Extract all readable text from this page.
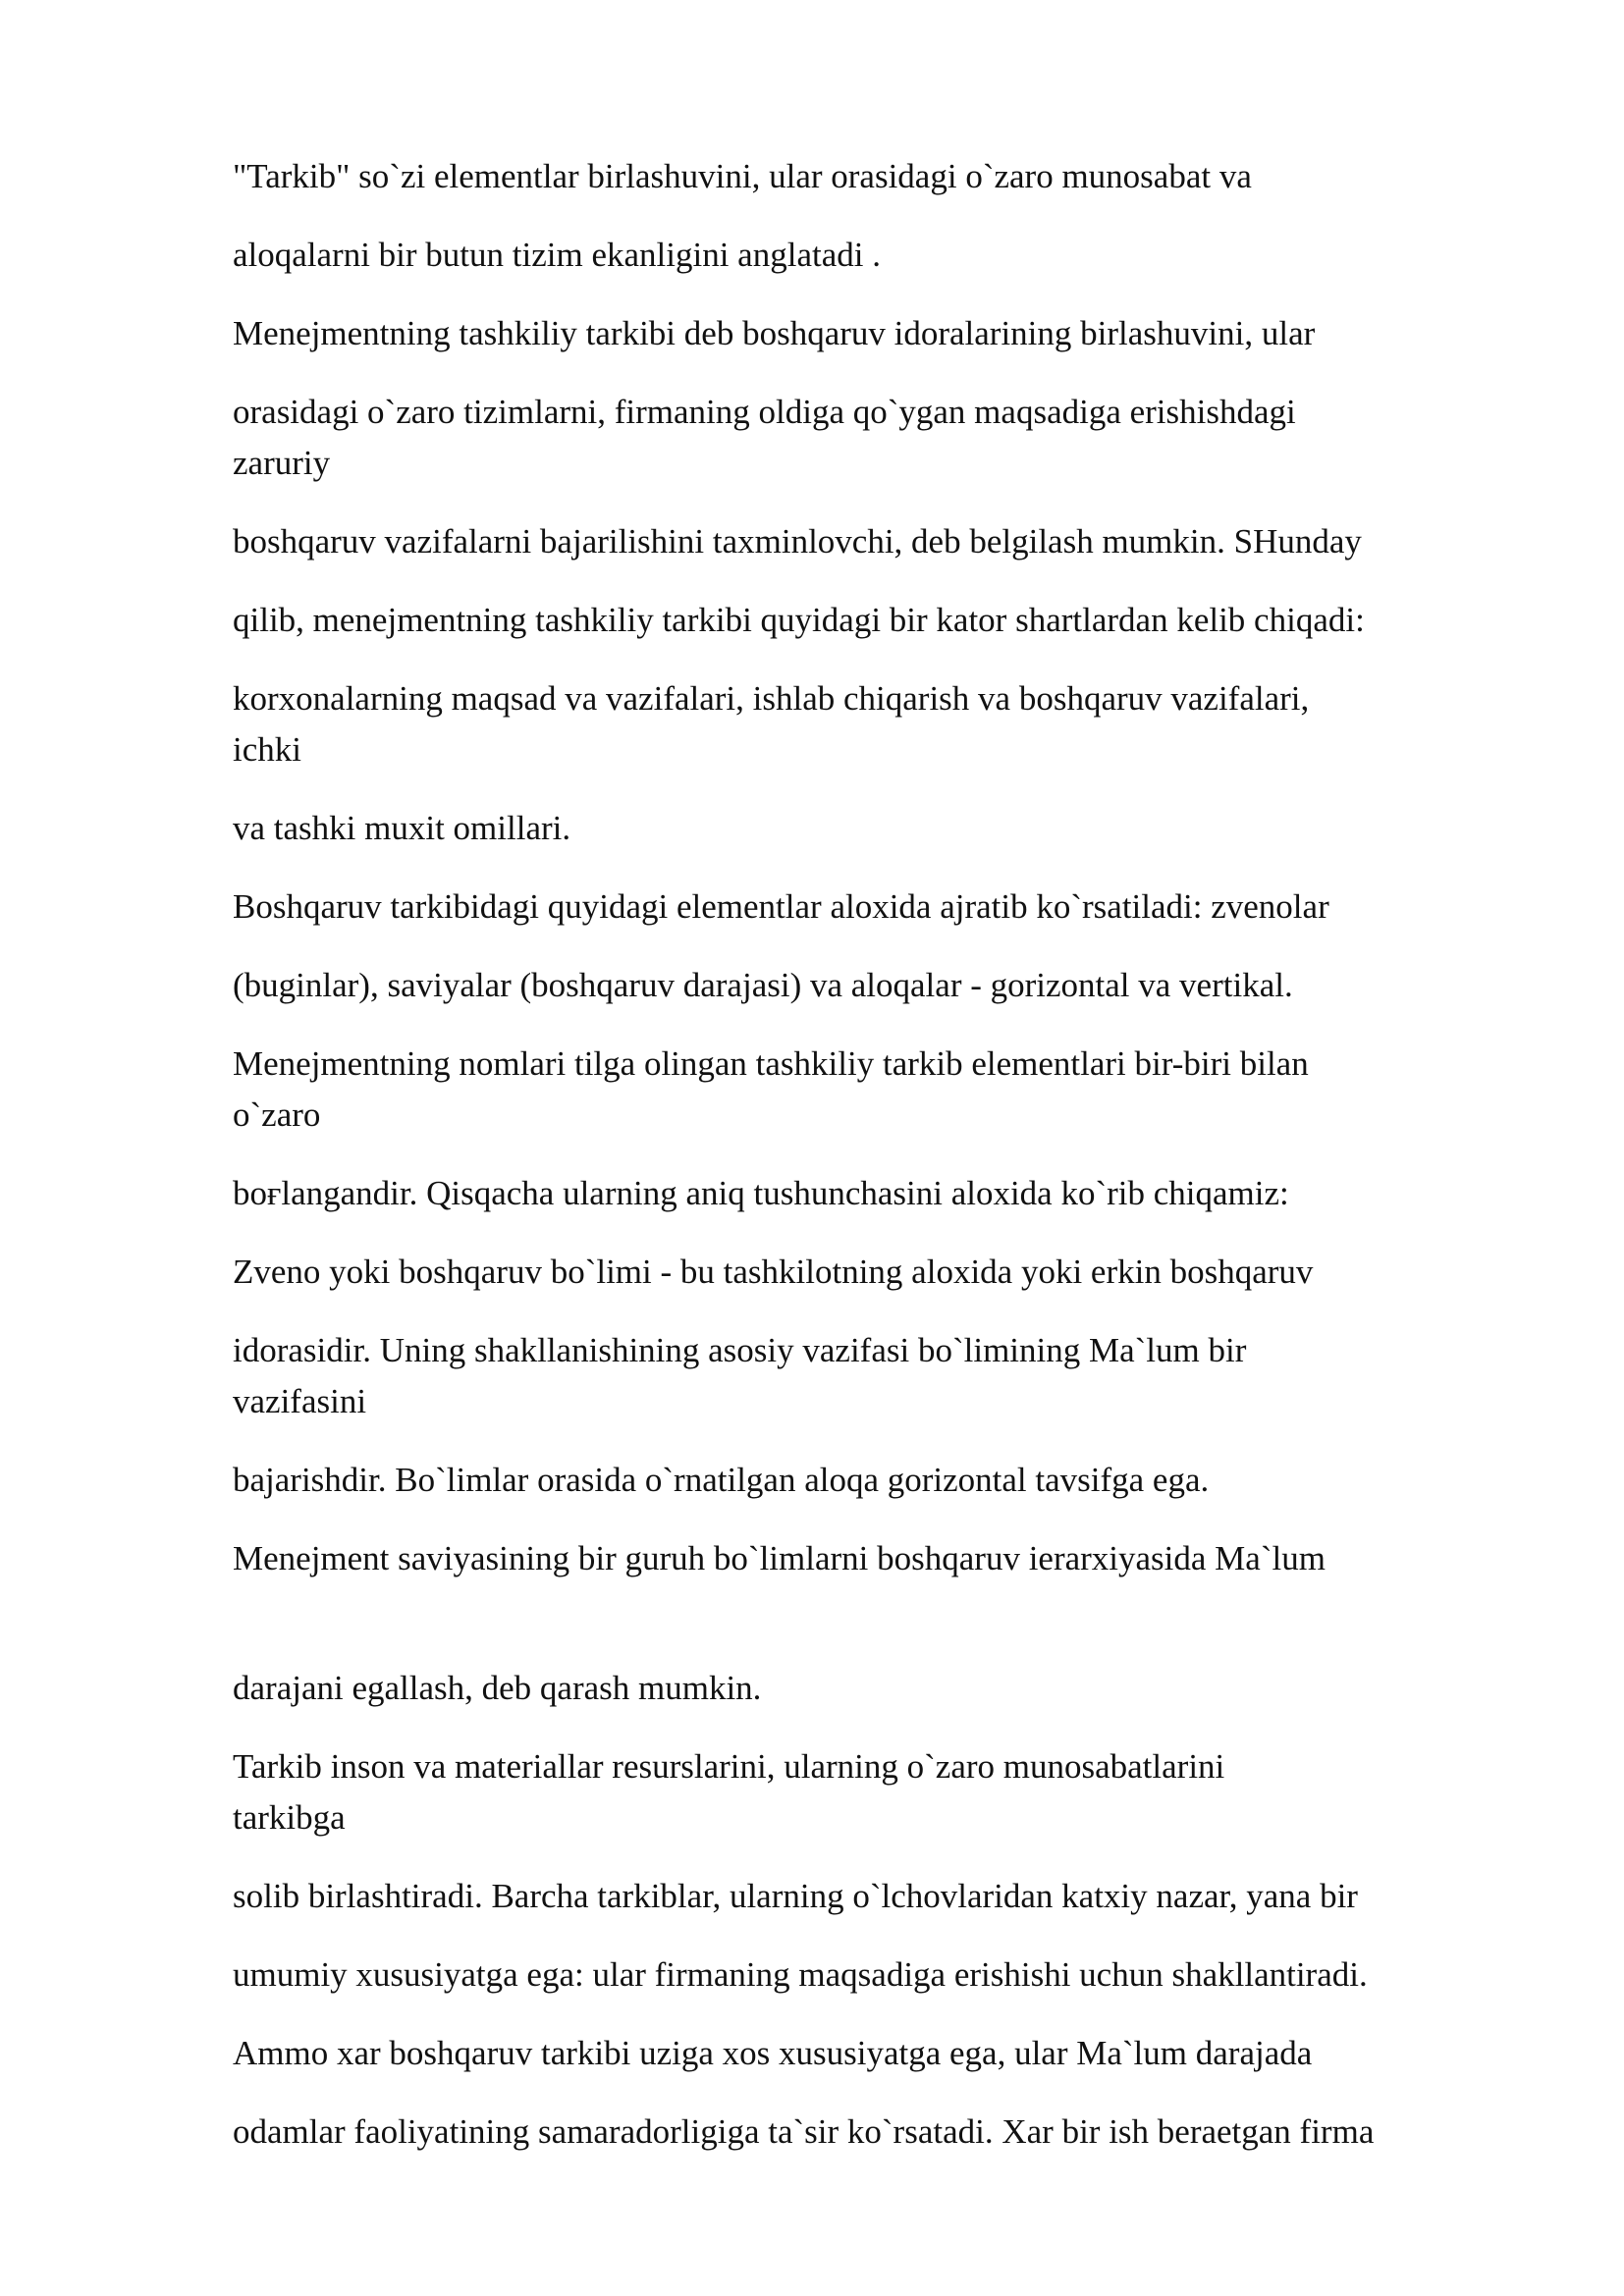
"Tarkib" so`zi elementlar birlashuvini, ular orasidagi o`zaro munosabat va

aloqalarni bir butun tizim ekanligini anglatadi .

Menejmentning tashkiliy tarkibi deb boshqaruv idoralarining birlashuvini, ular

orasidagi o`zaro tizimlarni, firmaning oldiga qo`ygan maqsadiga erishishdagi

zaruriy

boshqaruv vazifalarni bajarilishini taxminlovchi, deb belgilash mumkin. SHunday

qilib, menejmentning tashkiliy tarkibi quyidagi bir kator shartlardan kelib chiqadi:

korxonalarning maqsad va vazifalari, ishlab chiqarish va boshqaruv vazifalari,

ichki

va tashki muxit omillari.

Boshqaruv tarkibidagi quyidagi elementlar aloxida ajratib ko`rsatiladi: zvenolar

(buginlar), saviyalar (boshqaruv darajasi) va aloqalar - gorizontal va vertikal.

Menejmentning nomlari tilga olingan tashkiliy tarkib elementlari bir-biri bilan

o`zaro

boғlangandir. Qisqacha ularning aniq tushunchasini aloxida ko`rib chiqamiz:

Zveno yoki boshqaruv bo`limi - bu tashkilotning aloxida yoki erkin boshqaruv

idorasidir. Uning shakllanishining asosiy vazifasi bo`limining Ma`lum bir

vazifasini

bajarishdir. Bo`limlar orasida o`rnatilgan aloqa gorizontal tavsifga ega.

Menejment saviyasining bir guruh bo`limlarni boshqaruv ierarxiyasida Ma`lum

darajani egallash, deb qarash mumkin.

Tarkib inson va materiallar resurslarini, ularning o`zaro munosabatlarini

tarkibga

solib birlashtiradi. Barcha tarkiblar, ularning o`lchovlaridan katxiy nazar, yana bir

umumiy xususiyatga ega: ular firmaning maqsadiga erishishi uchun shakllantiradi.

Ammo xar boshqaruv tarkibi uziga xos xususiyatga ega, ular Ma`lum darajada

odamlar faoliyatining samaradorligiga ta`sir ko`rsatadi. Xar bir ish beraetgan firma
